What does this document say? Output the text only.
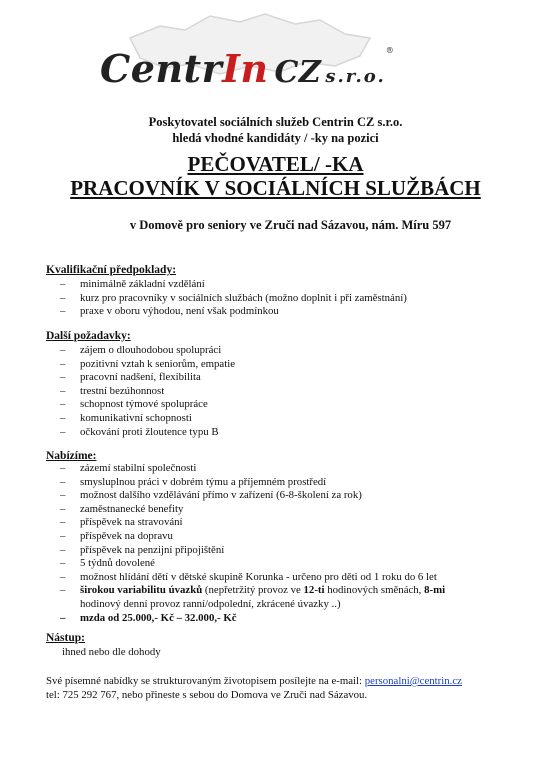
CentrIn CZ s.r.o.®
Poskytovatel sociálních služeb Centrin CZ s.r.o.
hledá vhodné kandidáty / -ky na pozici
PEČOVATEL/ -KA
PRACOVNÍK V SOCIÁLNÍCH SLUŽBÁCH
v Domově pro seniory ve Zruči nad Sázavou, nám. Míru 597
Kvalifikační předpoklady:
– minimálně základní vzdělání
– kurz pro pracovníky v sociálních službách (možno doplnit i při zaměstnání)
– praxe v oboru výhodou, není však podmínkou
Další požadavky:
– zájem o dlouhodobou spolupráci
– pozitivní vztah k seniorům, empatie
– pracovní nadšení, flexibilita
– trestní bezúhonnost
– schopnost týmové spolupráce
– komunikativní schopnosti
– očkování proti žloutence typu B
Nabízíme:
– zázemí stabilní společnosti
– smysluplnou práci v dobrém týmu a příjemném prostředí
– možnost dalšího vzdělávání přímo v zařízení (6-8-školení za rok)
– zaměstnanecké benefity
– příspěvek na stravování
– příspěvek na dopravu
– příspěvek na penzijní připojištění
– 5 týdnů dovolené
– možnost hlídání dětí v dětské skupině Korunka - určeno pro děti od 1 roku do 6 let
– širokou variabilitu úvazků (nepřetržitý provoz ve 12-ti hodinových směnách, 8-mi
hodinový denní provoz ranní/odpolední, zkrácené úvazky ..)
– mzda od 25.000,- Kč – 32.000,- Kč
Nástup:
ihned nebo dle dohody
Své písemné nabídky se strukturovaným životopisem posílejte na e-mail: personalni@centrin.cz
tel: 725 292 767, nebo přineste s sebou do Domova ve Zruči nad Sázavou.
